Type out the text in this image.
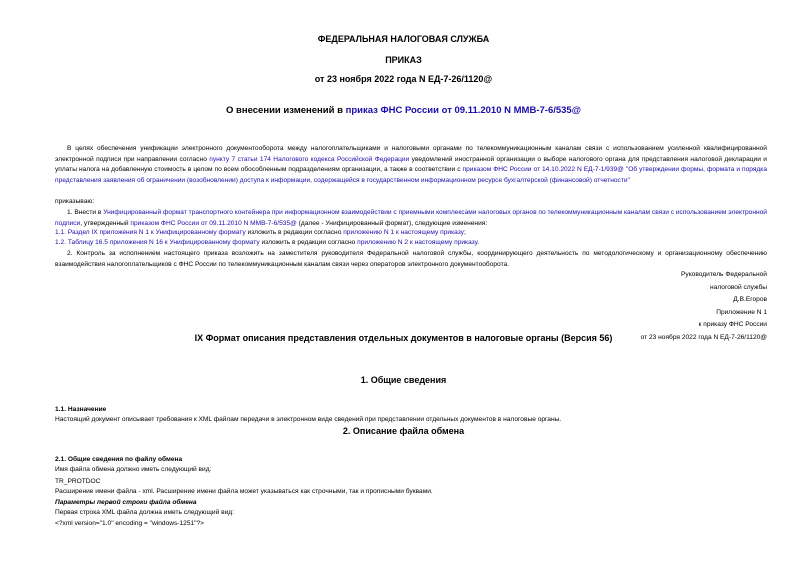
ФЕДЕРАЛЬНАЯ НАЛОГОВАЯ СЛУЖБА
ПРИКАЗ
от 23 ноября 2022 года N ЕД-7-26/1120@
О внесении изменений в приказ ФНС России от 09.11.2010 N ММВ-7-6/535@
В целях обеспечения унификации электронного документооборота между налогоплательщиками и налоговыми органами по телекоммуникационным каналам связи с использованием усиленной квалифицированной электронной подписи при направлении согласно пункту 7 статьи 174 Налогового кодекса Российской Федерации уведомлений иностранной организации о выборе налогового органа для представления налоговой декларации и уплаты налога на добавленную стоимость в целом по всем обособленным подразделениям организации, а также в соответствии с приказом ФНС России от 14.10.2022 N ЕД-7-1/939@ "Об утверждении формы, формата и порядка представления заявления об ограничении (возобновлении) доступа к информации, содержащейся в государственном информационном ресурсе бухгалтерской (финансовой) отчетности"
приказываю:
1. Внести в Унифицированный формат транспортного контейнера при информационном взаимодействии с приемными комплексами налоговых органов по телекоммуникационным каналам связи с использованием электронной подписи, утвержденный приказом ФНС России от 09.11.2010 N ММВ-7-6/535@ (далее - Унифицированный формат), следующие изменения:
1.1. Раздел IX приложения N 1 к Унифицированному формату изложить в редакции согласно приложению N 1 к настоящему приказу;
1.2. Таблицу 16.5 приложения N 16 к Унифицированному формату изложить в редакции согласно приложению N 2 к настоящему приказу.
2. Контроль за исполнением настоящего приказа возложить на заместителя руководителя Федеральной налоговой службы, координирующего деятельность по методологическому и организационному обеспечению взаимодействия налогоплательщиков с ФНС России по телекоммуникационным каналам связи через операторов электронного документооборота.
Руководитель Федеральной
налоговой службы
Д.В.Егоров
Приложение N 1
к приказу ФНС России
от 23 ноября 2022 года N ЕД-7-26/1120@
IX Формат описания представления отдельных документов в налоговые органы (Версия 56)
1. Общие сведения
1.1. Назначение
Настоящий документ описывает требования к XML файлам передачи в электронном виде сведений при представлении отдельных документов в налоговые органы.
2. Описание файла обмена
2.1. Общие сведения по файлу обмена
Имя файла обмена должно иметь следующий вид:
TR_PROTDOC
Расширение имени файла - xml. Расширение имени файла может указываться как строчными, так и прописными буквами.
Параметры первой строки файла обмена
Первая строка XML файла должна иметь следующий вид:
<?xml version="1.0" encoding = "windows-1251"?>
